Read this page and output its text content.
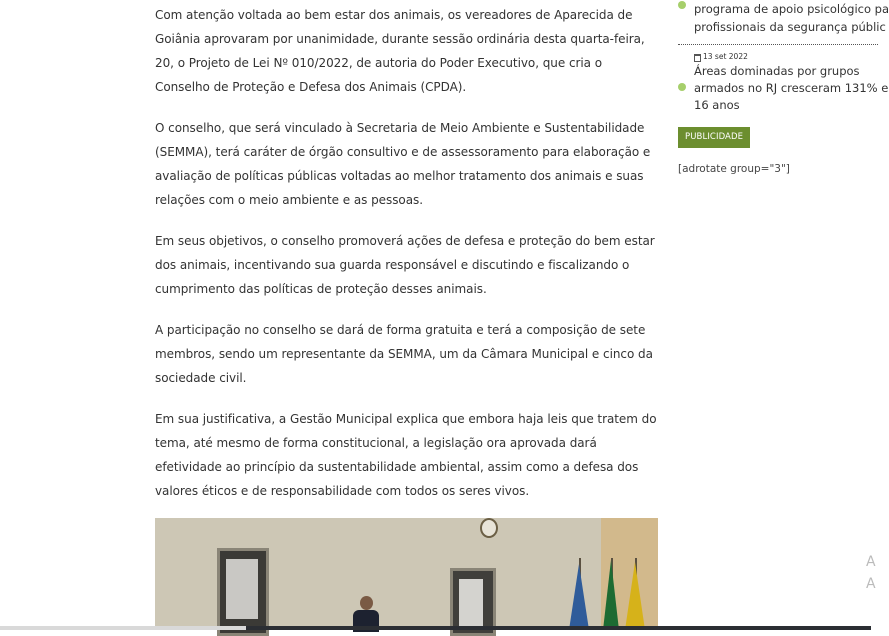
Com atenção voltada ao bem estar dos animais, os vereadores de Aparecida de Goiânia aprovaram por unanimidade, durante sessão ordinária desta quarta-feira, 20, o Projeto de Lei Nº 010/2022, de autoria do Poder Executivo, que cria o Conselho de Proteção e Defesa dos Animais (CPDA).

O conselho, que será vinculado à Secretaria de Meio Ambiente e Sustentabilidade (SEMMA), terá caráter de órgão consultivo e de assessoramento para elaboração e avaliação de políticas públicas voltadas ao melhor tratamento dos animais e suas relações com o meio ambiente e as pessoas.

Em seus objetivos, o conselho promoverá ações de defesa e proteção do bem estar dos animais, incentivando sua guarda responsável e discutindo e fiscalizando o cumprimento das políticas de proteção desses animais.

A participação no conselho se dará de forma gratuita e terá a composição de sete membros, sendo um representante da SEMMA, um da Câmara Municipal e cinco da sociedade civil.

Em sua justificativa, a Gestão Municipal explica que embora haja leis que tratem do tema, até mesmo de forma constitucional, a legislação ora aprovada dará efetividade ao princípio da sustentabilidade ambiental, assim como a defesa dos valores éticos e de responsabilidade com todos os seres vivos.

programa de apoio psicológico pa
profissionais da segurança públic
13 set 2022
Áreas dominadas por grupos
armados no RJ cresceram 131% e
16 anos
PUBLICIDADE
[adrotate group="3"]
A
A
